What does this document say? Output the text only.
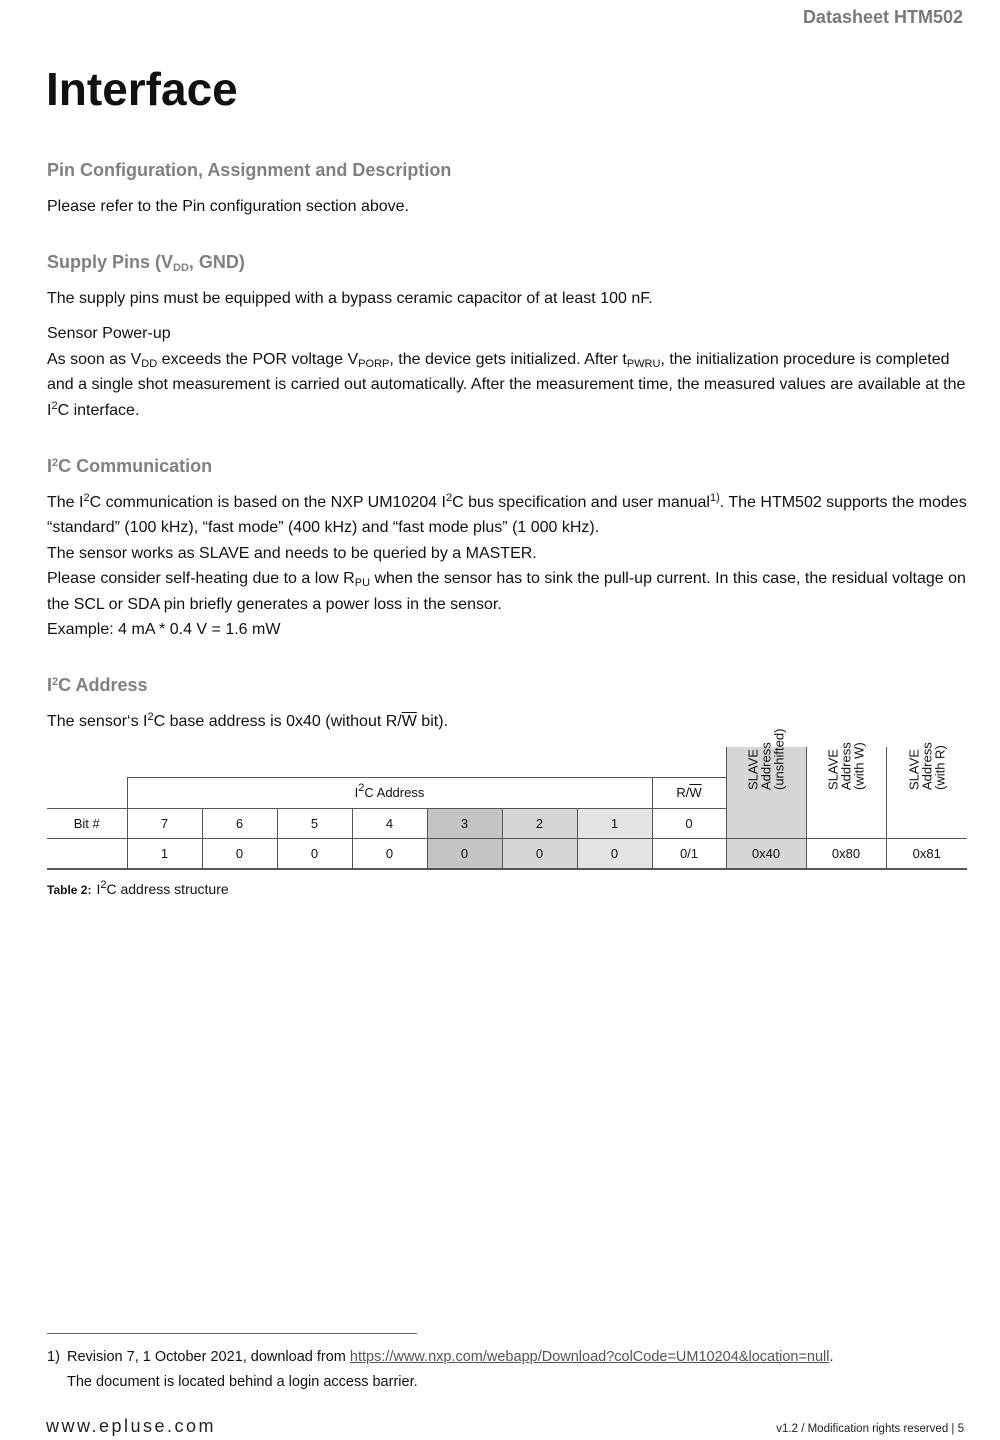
Datasheet HTM502
Interface
Pin Configuration, Assignment and Description

Please refer to the Pin configuration section above.

Supply Pins ($V_{DD}$, GND)

The supply pins must be equipped with a bypass ceramic capacitor of at least 100 nF.

Sensor Power-up

As soon as $V_{DD}$ exceeds the POR voltage $V_{PORP}$, the device gets initialized. After $t_{PWRU}$, the initialization procedure is completed and a single shot measurement is carried out automatically. After the measurement time, the measured values are available at the $I^2C$ interface.

$I^2C$ Communication

The $I^2C$ communication is based on the NXP UM10204 $I^2C$ bus specification and user manual$^{1)}$. The HTM502 supports the modes “standard” (100 kHz), “fast mode” (400 kHz) and “fast mode plus” (1 000 kHz).

The sensor works as SLAVE and needs to be queried by a MASTER.

Please consider self-heating due to a low $R_{PU}$ when the sensor has to sink the pull-up current. In this case, the residual voltage on the SCL or SDA pin briefly generates a power loss in the sensor.

Example: 4 mA * 0.4 V = 1.6 mW

$I^2C$ Address

The sensor‘s $I^2C$ base address is 0x40 (without $R/\overline{W}$ bit).

									SLAVE
Address
(unshifted)	SLAVE
Address
(with W)	SLAVE
Address
(with R)

	$I^2C$ Address							$R/\overline{W}$
Bit #	7	6	5	4	3	2	1	0			
	1	0	0	0	0	0	0	0/1	0x40	0x80	0x81
Table 2: $I^2C$ address structure
1) Revision 7, 1 October 2021, download from https://www.nxp.com/webapp/Download?colCode=UM10204&location=null.
The document is located behind a login access barrier.
www.epluse.com	v1.2 / Modification rights reserved | 5
